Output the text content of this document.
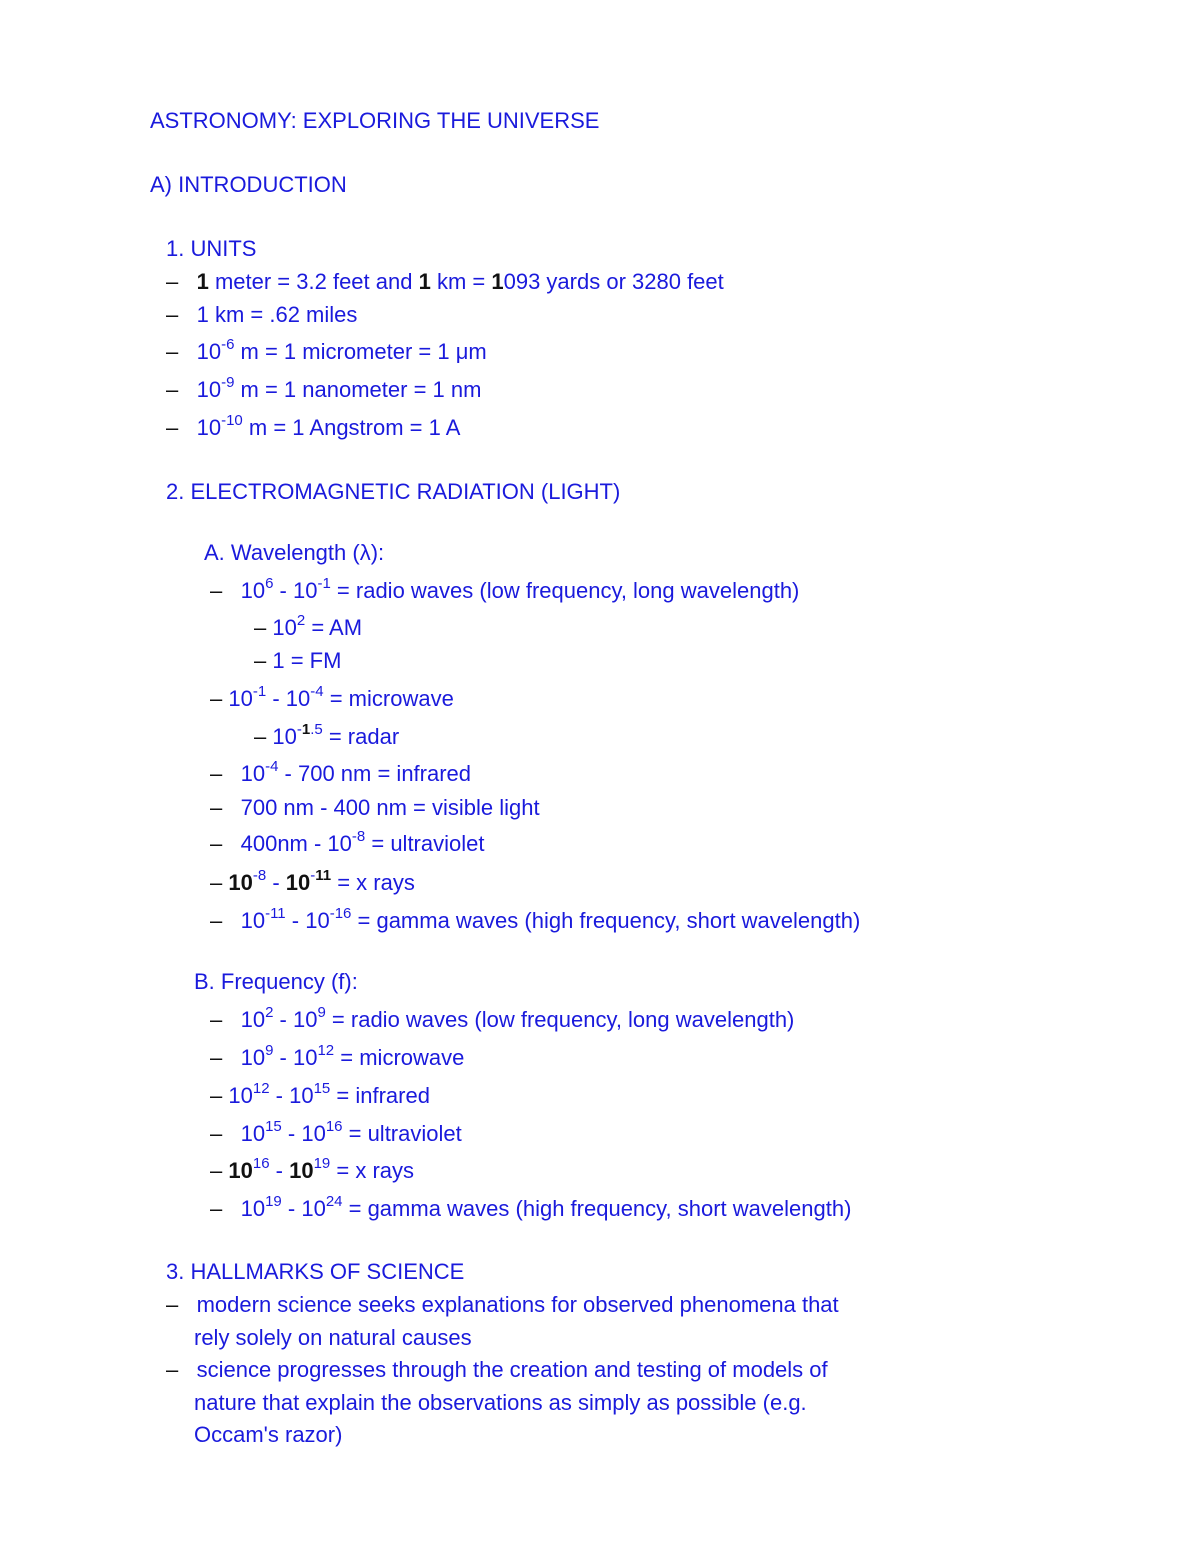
ASTRONOMY: EXPLORING THE UNIVERSE
A) INTRODUCTION
1. UNITS
– 1 meter = 3.2 feet and 1 km = 1093 yards or 3280 feet
– 1 km = .62 miles
– $10^{-6}$ m = 1 micrometer = 1 μm
– $10^{-9}$ m = 1 nanometer = 1 nm
– $10^{-10}$ m = 1 Angstrom = 1 A
2. ELECTROMAGNETIC RADIATION (LIGHT)
A. Wavelength (λ):
– $10^6 - 10^{-1}$ = radio waves (low frequency, long wavelength)
– $10^2$ = AM
– 1 = FM
– $10^{-1} - 10^{-4}$ = microwave
– $10^{-1.5}$ = radar
– $10^{-4} - 700$ nm = infrared
– 700 nm - 400 nm = visible light
– $400nm - 10^{-8}$ = ultraviolet
– $10^{-8} - 10^{-11} = x$ rays
– $10^{-11} - 10^{-16}$ = gamma waves (high frequency, short wavelength)
B. Frequency (f):
– $10^2 - 10^9$ = radio waves (low frequency, long wavelength)
– $10^9 - 10^{12}$ = microwave
– $10^{12} - 10^{15}$ = infrared
– $10^{15} - 10^{16}$ = ultraviolet
– $10^{16} - 10^{19} = x$ rays
– $10^{19} - 10^{24}$ = gamma waves (high frequency, short wavelength)
3. HALLMARKS OF SCIENCE
– modern science seeks explanations for observed phenomena that
rely solely on natural causes
– science progresses through the creation and testing of models of
nature that explain the observations as simply as possible (e.g.
Occam's razor)
